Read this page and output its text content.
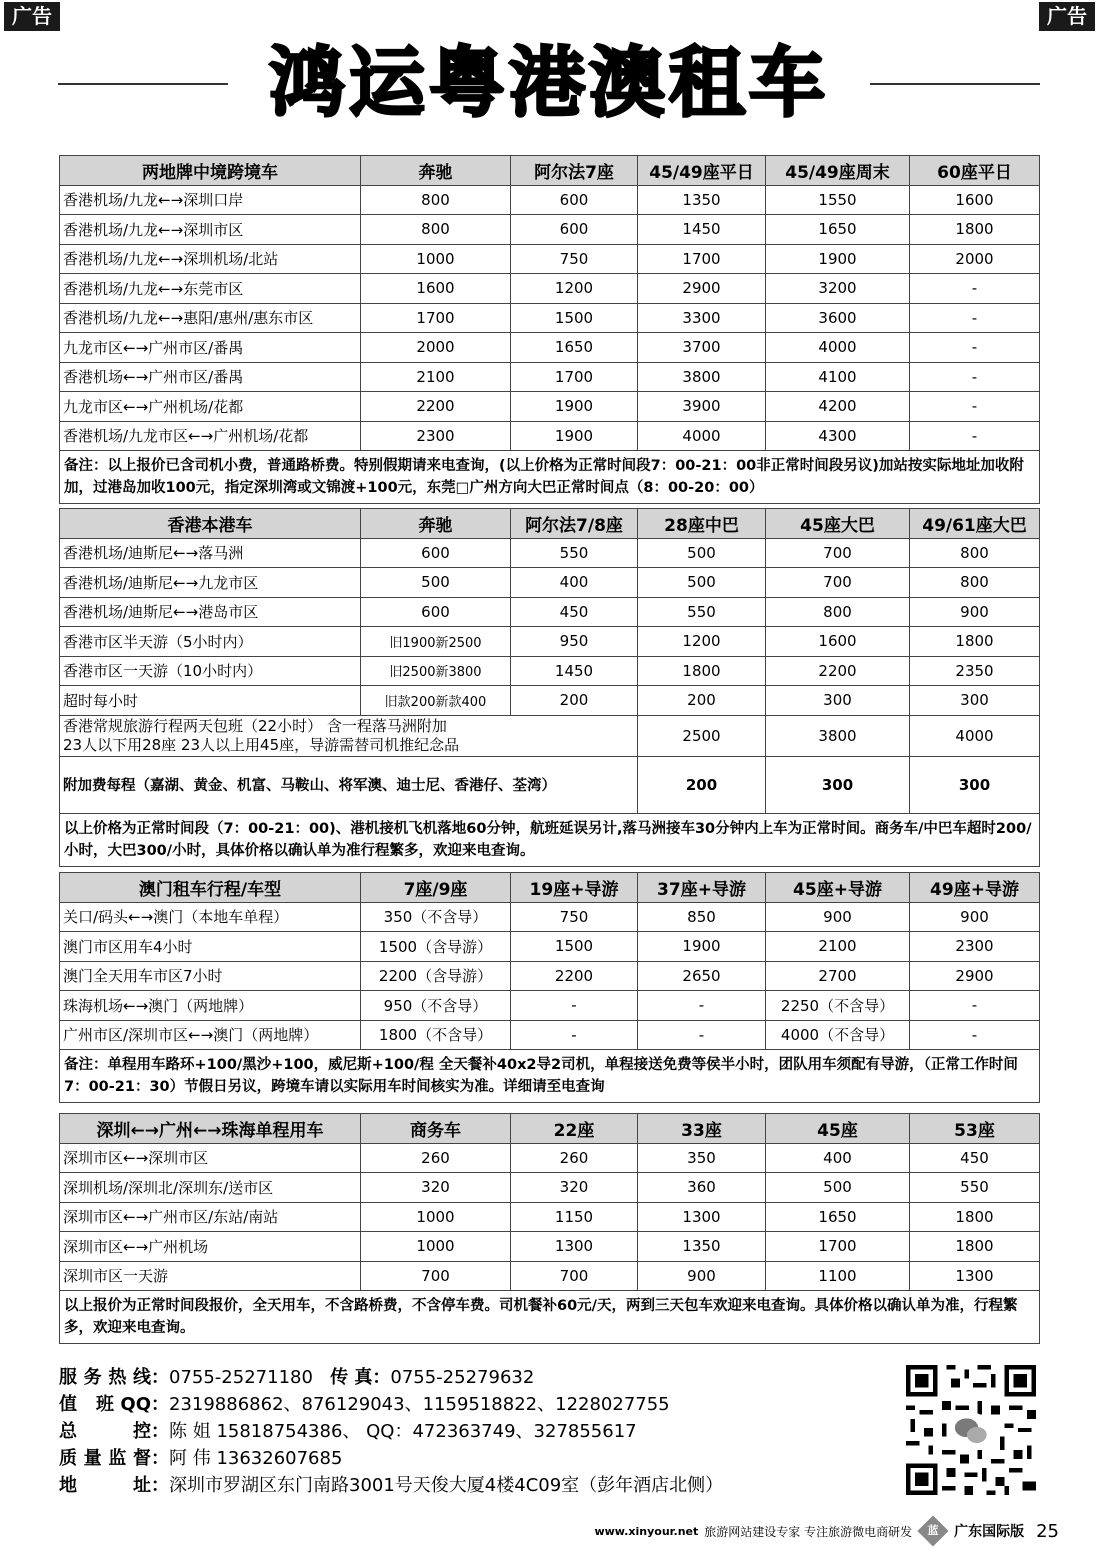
广告	广告
鸿运粤港澳租车
两地牌中境跨境车	奔驰	阿尔法7座	45/49座平日	45/49座周末	60座平日
香港机场/九龙←→深圳口岸	800	600	1350	1550	1600
香港机场/九龙←→深圳市区	800	600	1450	1650	1800
香港机场/九龙←→深圳机场/北站	1000	750	1700	1900	2000
香港机场/九龙←→东莞市区	1600	1200	2900	3200	-
香港机场/九龙←→惠阳/惠州/惠东市区	1700	1500	3300	3600	-
九龙市区←→广州市区/番禺	2000	1650	3700	4000	-
香港机场←→广州市区/番禺	2100	1700	3800	4100	-
九龙市区←→广州机场/花都	2200	1900	3900	4200	-
香港机场/九龙市区←→广州机场/花都	2300	1900	4000	4300	-
备注：以上报价已含司机小费，普通路桥费。特别假期请来电查询，(以上价格为正常时间段7：00-21：00非正常时间段另议)加站按实际地址加收附加，过港岛加收100元，指定深圳湾或文锦渡+100元，东莞□广州方向大巴正常时间点（8：00-20：00）					
香港本港车	奔驰	阿尔法7/8座	28座中巴	45座大巴	49/61座大巴
香港机场/迪斯尼←→落马洲	600	550	500	700	800
香港机场/迪斯尼←→九龙市区	500	400	500	700	800
香港机场/迪斯尼←→港岛市区	600	450	550	800	900
香港市区半天游（5小时内）	旧1900新2500	950	1200	1600	1800
香港市区一天游（10小时内）	旧2500新3800	1450	1800	2200	2350
超时每小时	旧款200新款400	200	200	300	300

香港常规旅游行程两天包班（22小时） 含一程落马洲附加
23人以下用28座 23人以上用45座，导游需替司机推纪念品			2500	3800	4000
附加费每程（嘉湖、黄金、机富、马鞍山、将军澳、迪士尼、香港仔、荃湾）			200	300	300
以上价格为正常时间段（7：00-21：00)、港机接机飞机落地60分钟，航班延误另计,落马洲接车30分钟内上车为正常时间。商务车/中巴车超时200/小时，大巴300/小时，具体价格以确认单为准行程繁多，欢迎来电查询。					
澳门租车行程/车型	7座/9座	19座+导游	37座+导游	45座+导游	49座+导游
关口/码头←→澳门（本地车单程）	350（不含导）	750	850	900	900
澳门市区用车4小时	1500（含导游）	1500	1900	2100	2300
澳门全天用车市区7小时	2200（含导游）	2200	2650	2700	2900
珠海机场←→澳门（两地牌）	950（不含导）	-	-	2250（不含导）	-
广州市区/深圳市区←→澳门（两地牌）	1800（不含导）	-	-	4000（不含导）	-
备注：单程用车路环+100/黑沙+100，威尼斯+100/程 全天餐补40x2导2司机，单程接送免费等侯半小时，团队用车须配有导游，（正常工作时间7：00-21：30）节假日另议，跨境车请以实际用车时间核实为准。详细请至电查询					
深圳←→广州←→珠海单程用车	商务车	22座	33座	45座	53座
深圳市区←→深圳市区	260	260	350	400	450
深圳机场/深圳北/深圳东/送市区	320	320	360	500	550
深圳市区←→广州市区/东站/南站	1000	1150	1300	1650	1800
深圳市区←→广州机场	1000	1300	1350	1700	1800
深圳市区一天游	700	700	900	1100	1300
以上报价为正常时间段报价，全天用车，不含路桥费，不含停车费。司机餐补60元/天，两到三天包车欢迎来电查询。具体价格以确认单为准，行程繁多，欢迎来电查询。					
服务热线：0755-25271180 传 真：0755-25279632
值 班QQ：2319886862、876129043、1159518822、1228027755
总 控：陈 姐 15818754386、 QQ：472363749、327855617
质量监督：阿 伟 13632607685
地 址：深圳市罗湖区东门南路3001号天俊大厦4楼4C09室（彭年酒店北侧）
www.xinyour.net 旅游网站建设专家 专注旅游微电商研发	蓝	广东国际版 25
